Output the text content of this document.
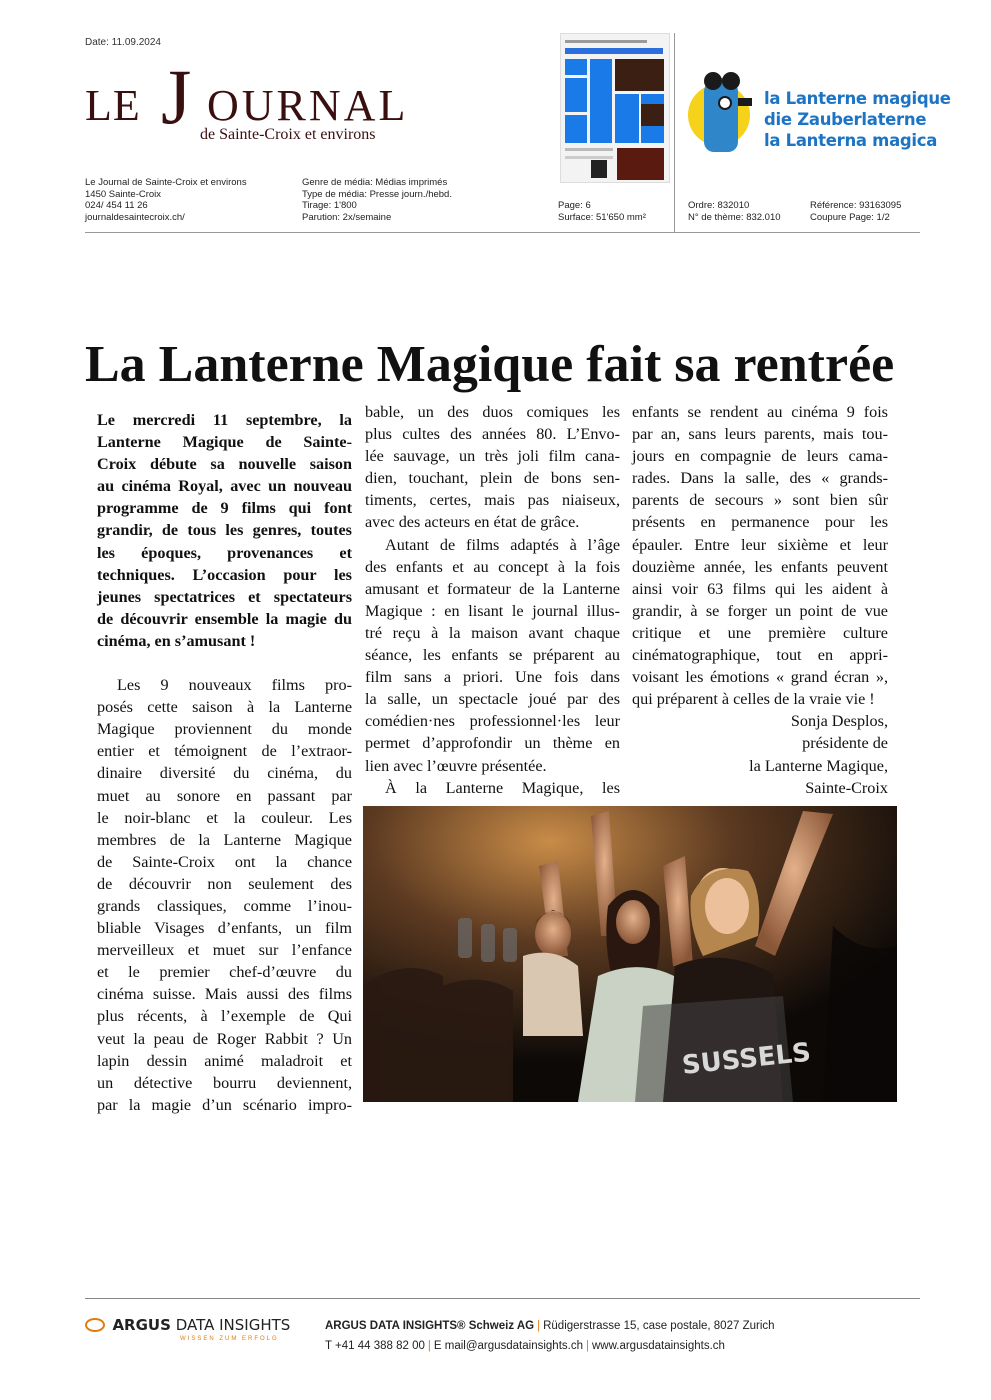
Date: 11.09.2024
LE J OURNAL
de Sainte-Croix et environs
la Lanterne magique
die Zauberlaterne
la Lanterna magica
Le Journal de Sainte-Croix et environs
1450 Sainte-Croix
024/ 454 11 26
journaldesaintecroix.ch/
Genre de média: Médias imprimés
Type de média: Presse journ./hebd.
Tirage: 1'800
Parution: 2x/semaine
Page: 6
Surface: 51'650 mm²
Ordre: 832010
N° de thème: 832.010
Référence: 93163095
Coupure Page: 1/2
La Lanterne Magique fait sa rentrée
Le mercredi 11 septembre, la
Lanterne Magique de Sainte-
Croix débute sa nouvelle saison
au cinéma Royal, avec un nouveau
programme de 9 films qui font
grandir, de tous les genres, toutes
les époques, provenances et
techniques. L’occasion pour les
jeunes spectatrices et spectateurs
de découvrir ensemble la magie du
cinéma, en s’amusant !
Les 9 nouveaux films pro-
posés cette saison à la Lanterne
Magique proviennent du monde
entier et témoignent de l’extraor-
dinaire diversité du cinéma, du
muet au sonore en passant par
le noir-blanc et la couleur. Les
membres de la Lanterne Magique
de Sainte-Croix ont la chance
de découvrir non seulement des
grands classiques, comme l’inou-
bliable Visages d’enfants, un film
merveilleux et muet sur l’enfance
et le premier chef-d’œuvre du
cinéma suisse. Mais aussi des films
plus récents, à l’exemple de Qui
veut la peau de Roger Rabbit ? Un
lapin dessin animé maladroit et
un détective bourru deviennent,
par la magie d’un scénario impro-
bable, un des duos comiques les
plus cultes des années 80. L’Envo-
lée sauvage, un très joli film cana-
dien, touchant, plein de bons sen-
timents, certes, mais pas niaiseux,
avec des acteurs en état de grâce.
Autant de films adaptés à l’âge
des enfants et au concept à la fois
amusant et formateur de la Lanterne
Magique : en lisant le journal illus-
tré reçu à la maison avant chaque
séance, les enfants se préparent au
film sans a priori. Une fois dans
la salle, un spectacle joué par des
comédien·nes professionnel·les leur
permet d’approfondir un thème en
lien avec l’œuvre présentée.
À la Lanterne Magique, les
enfants se rendent au cinéma 9 fois
par an, sans leurs parents, mais tou-
jours en compagnie de leurs cama-
rades. Dans la salle, des « grands-
parents de secours » sont bien sûr
présents en permanence pour les
épauler. Entre leur sixième et leur
douzième année, les enfants peuvent
ainsi voir 63 films qui les aident à
grandir, à se forger un point de vue
critique et une première culture
cinématographique, tout en appri-
voisant les émotions « grand écran »,
qui préparent à celles de la vraie vie !
Sonja Desplos,
présidente de
la Lanterne Magique,
Sainte-Croix
SUSSELS
ARGUS DATA INSIGHTS
WISSEN ZUM ERFOLG
ARGUS DATA INSIGHTS® Schweiz AG | Rüdigerstrasse 15, case postale, 8027 Zurich
T +41 44 388 82 00 | E mail@argusdatainsights.ch | www.argusdatainsights.ch
